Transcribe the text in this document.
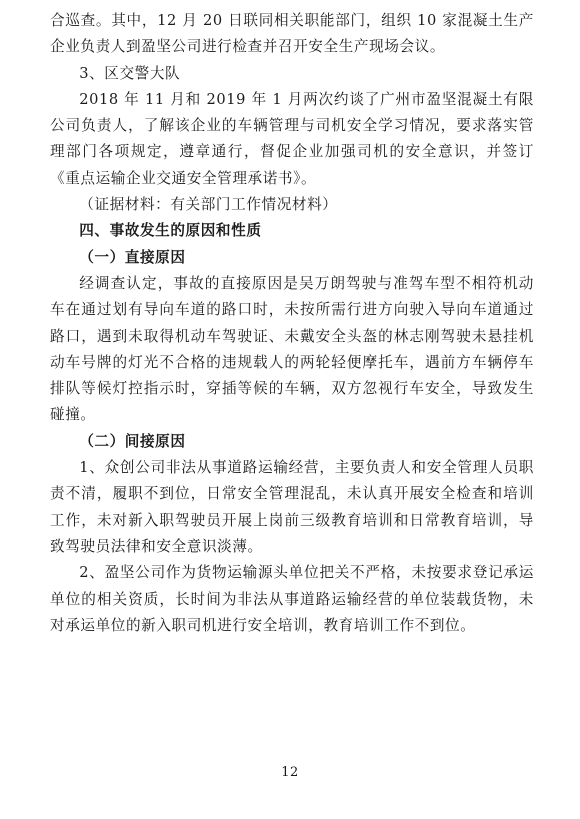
合巡查。其中，12 月 20 日联同相关职能部门，组织 10 家混凝土生产企业负责人到盈坚公司进行检查并召开安全生产现场会议。

3、区交警大队

2018 年 11 月和 2019 年 1 月两次约谈了广州市盈坚混凝土有限公司负责人，了解该企业的车辆管理与司机安全学习情况，要求落实管理部门各项规定，遵章通行，督促企业加强司机的安全意识，并签订《重点运输企业交通安全管理承诺书》。

（证据材料：有关部门工作情况材料）

四、事故发生的原因和性质

（一）直接原因

经调查认定，事故的直接原因是吴万朗驾驶与准驾车型不相符机动车在通过划有导向车道的路口时，未按所需行进方向驶入导向车道通过路口，遇到未取得机动车驾驶证、未戴安全头盔的林志刚驾驶未悬挂机动车号牌的灯光不合格的违规载人的两轮轻便摩托车，遇前方车辆停车排队等候灯控指示时，穿插等候的车辆，双方忽视行车安全，导致发生碰撞。

（二）间接原因

1、众创公司非法从事道路运输经营，主要负责人和安全管理人员职责不清，履职不到位，日常安全管理混乱，未认真开展安全检查和培训工作，未对新入职驾驶员开展上岗前三级教育培训和日常教育培训，导致驾驶员法律和安全意识淡薄。

2、盈坚公司作为货物运输源头单位把关不严格，未按要求登记承运单位的相关资质，长时间为非法从事道路运输经营的单位装载货物，未对承运单位的新入职司机进行安全培训，教育培训工作不到位。

12
